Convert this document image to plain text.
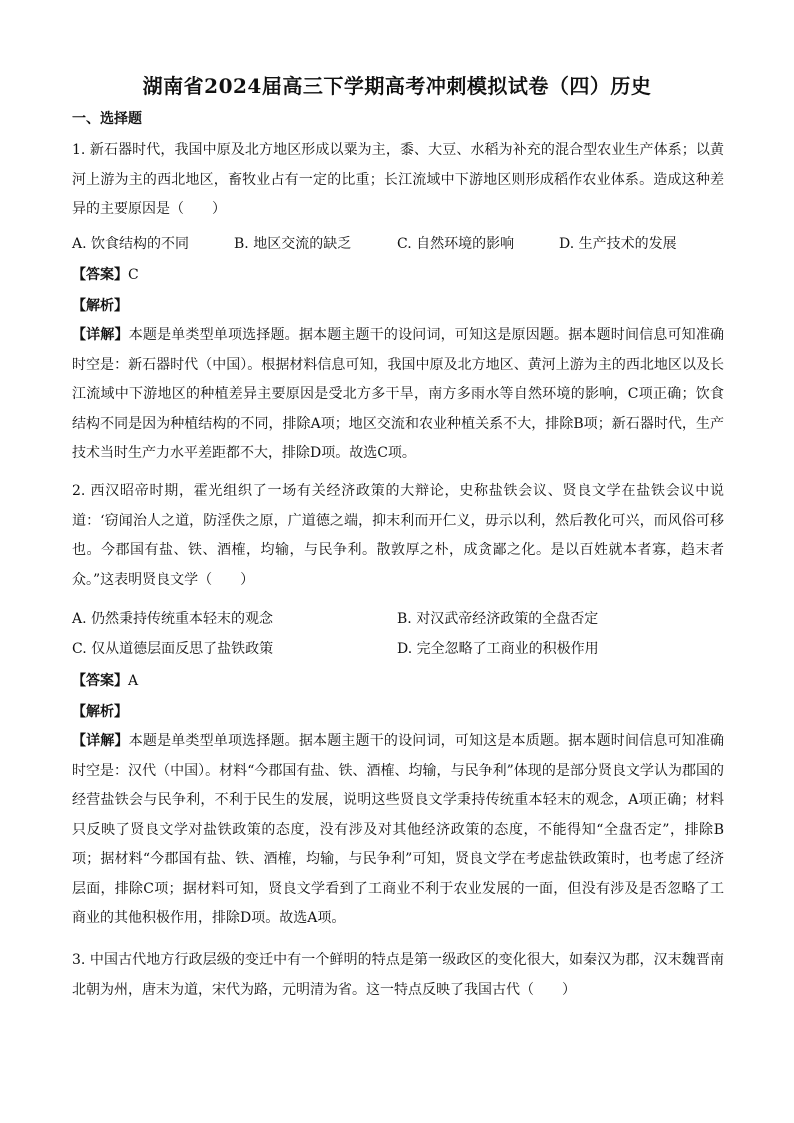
湖南省2024届高三下学期高考冲刺模拟试卷（四）历史
一、选择题
1. 新石器时代，我国中原及北方地区形成以粟为主，黍、大豆、水稻为补充的混合型农业生产体系；以黄河上游为主的西北地区，畜牧业占有一定的比重；长江流域中下游地区则形成稻作农业体系。造成这种差异的主要原因是（　　）
A. 饮食结构的不同	B. 地区交流的缺乏	C. 自然环境的影响	D. 生产技术的发展
【答案】C
【解析】
【详解】本题是单类型单项选择题。据本题主题干的设问词，可知这是原因题。据本题时间信息可知准确时空是：新石器时代（中国）。根据材料信息可知，我国中原及北方地区、黄河上游为主的西北地区以及长江流域中下游地区的种植差异主要原因是受北方多干旱，南方多雨水等自然环境的影响，C项正确；饮食结构不同是因为种植结构的不同，排除A项；地区交流和农业种植关系不大，排除B项；新石器时代，生产技术当时生产力水平差距都不大，排除D项。故选C项。
2. 西汉昭帝时期，霍光组织了一场有关经济政策的大辩论，史称盐铁会议、贤良文学在盐铁会议中说道：‘窃闻治人之道，防淫佚之原，广道德之端，抑末利而开仁义，毋示以利，然后教化可兴，而风俗可移也。今郡国有盐、铁、酒榷，均输，与民争利。散敦厚之朴，成贪鄙之化。是以百姓就本者寡，趋末者众。”这表明贤良文学（　　）
A. 仍然秉持传统重本轻末的观念	B. 对汉武帝经济政策的全盘否定
C. 仅从道德层面反思了盐铁政策	D. 完全忽略了工商业的积极作用
【答案】A
【解析】
【详解】本题是单类型单项选择题。据本题主题干的设问词，可知这是本质题。据本题时间信息可知准确时空是：汉代（中国）。材料“今郡国有盐、铁、酒榷、均输，与民争利”体现的是部分贤良文学认为郡国的经营盐铁会与民争利，不利于民生的发展，说明这些贤良文学秉持传统重本轻末的观念，A项正确；材料只反映了贤良文学对盐铁政策的态度，没有涉及对其他经济政策的态度，不能得知“全盘否定”，排除B项；据材料“今郡国有盐、铁、酒榷，均输，与民争利”可知，贤良文学在考虑盐铁政策时，也考虑了经济层面，排除C项；据材料可知，贤良文学看到了工商业不利于农业发展的一面，但没有涉及是否忽略了工商业的其他积极作用，排除D项。故选A项。
3. 中国古代地方行政层级的变迁中有一个鲜明的特点是第一级政区的变化很大，如秦汉为郡，汉末魏晋南北朝为州，唐末为道，宋代为路，元明清为省。这一特点反映了我国古代（　　）
